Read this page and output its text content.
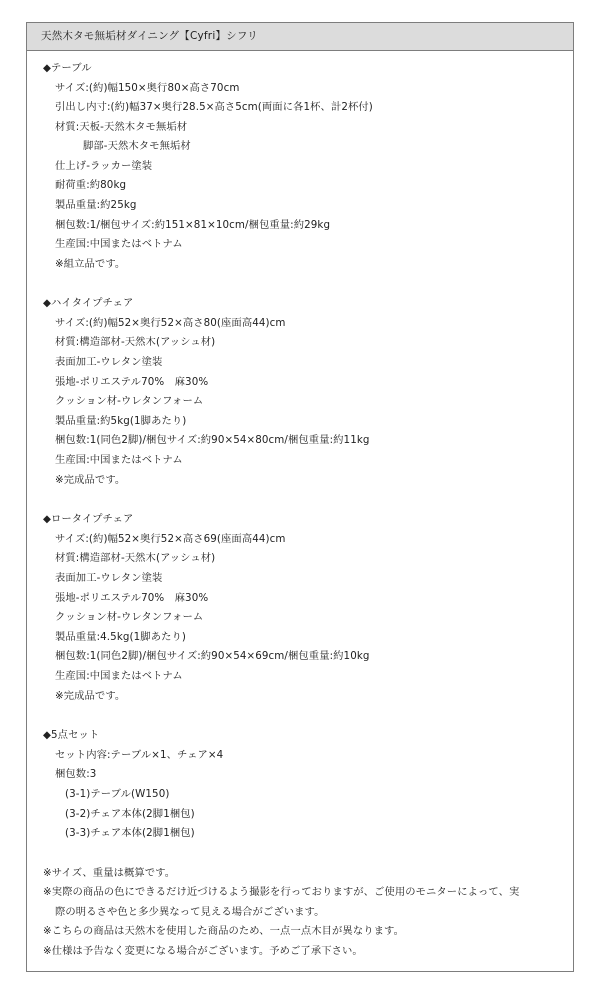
天然木タモ無垢材ダイニング【Cyfri】シフリ
◆テーブル
サイズ:(約)幅150×奥行80×高さ70cm
引出し内寸:(約)幅37×奥行28.5×高さ5cm(両面に各1杯、計2杯付)
材質:天板-天然木タモ無垢材
脚部-天然木タモ無垢材
仕上げ-ラッカー塗装
耐荷重:約80kg
製品重量:約25kg
梱包数:1/梱包サイズ:約151×81×10cm/梱包重量:約29kg
生産国:中国またはベトナム
※組立品です。
◆ハイタイプチェア
サイズ:(約)幅52×奥行52×高さ80(座面高44)cm
材質:構造部材-天然木(アッシュ材)
表面加工-ウレタン塗装
張地-ポリエステル70%　麻30%
クッション材-ウレタンフォーム
製品重量:約5kg(1脚あたり)
梱包数:1(同色2脚)/梱包サイズ:約90×54×80cm/梱包重量:約11kg
生産国:中国またはベトナム
※完成品です。
◆ロータイプチェア
サイズ:(約)幅52×奥行52×高さ69(座面高44)cm
材質:構造部材-天然木(アッシュ材)
表面加工-ウレタン塗装
張地-ポリエステル70%　麻30%
クッション材-ウレタンフォーム
製品重量:4.5kg(1脚あたり)
梱包数:1(同色2脚)/梱包サイズ:約90×54×69cm/梱包重量:約10kg
生産国:中国またはベトナム
※完成品です。
◆5点セット
セット内容:テーブル×1、チェア×4
梱包数:3
(3-1)テーブル(W150)
(3-2)チェア本体(2脚1梱包)
(3-3)チェア本体(2脚1梱包)
※サイズ、重量は概算です。
※実際の商品の色にできるだけ近づけるよう撮影を行っておりますが、ご使用のモニターによって、実
際の明るさや色と多少異なって見える場合がございます。
※こちらの商品は天然木を使用した商品のため、一点一点木目が異なります。
※仕様は予告なく変更になる場合がございます。予めご了承下さい。
